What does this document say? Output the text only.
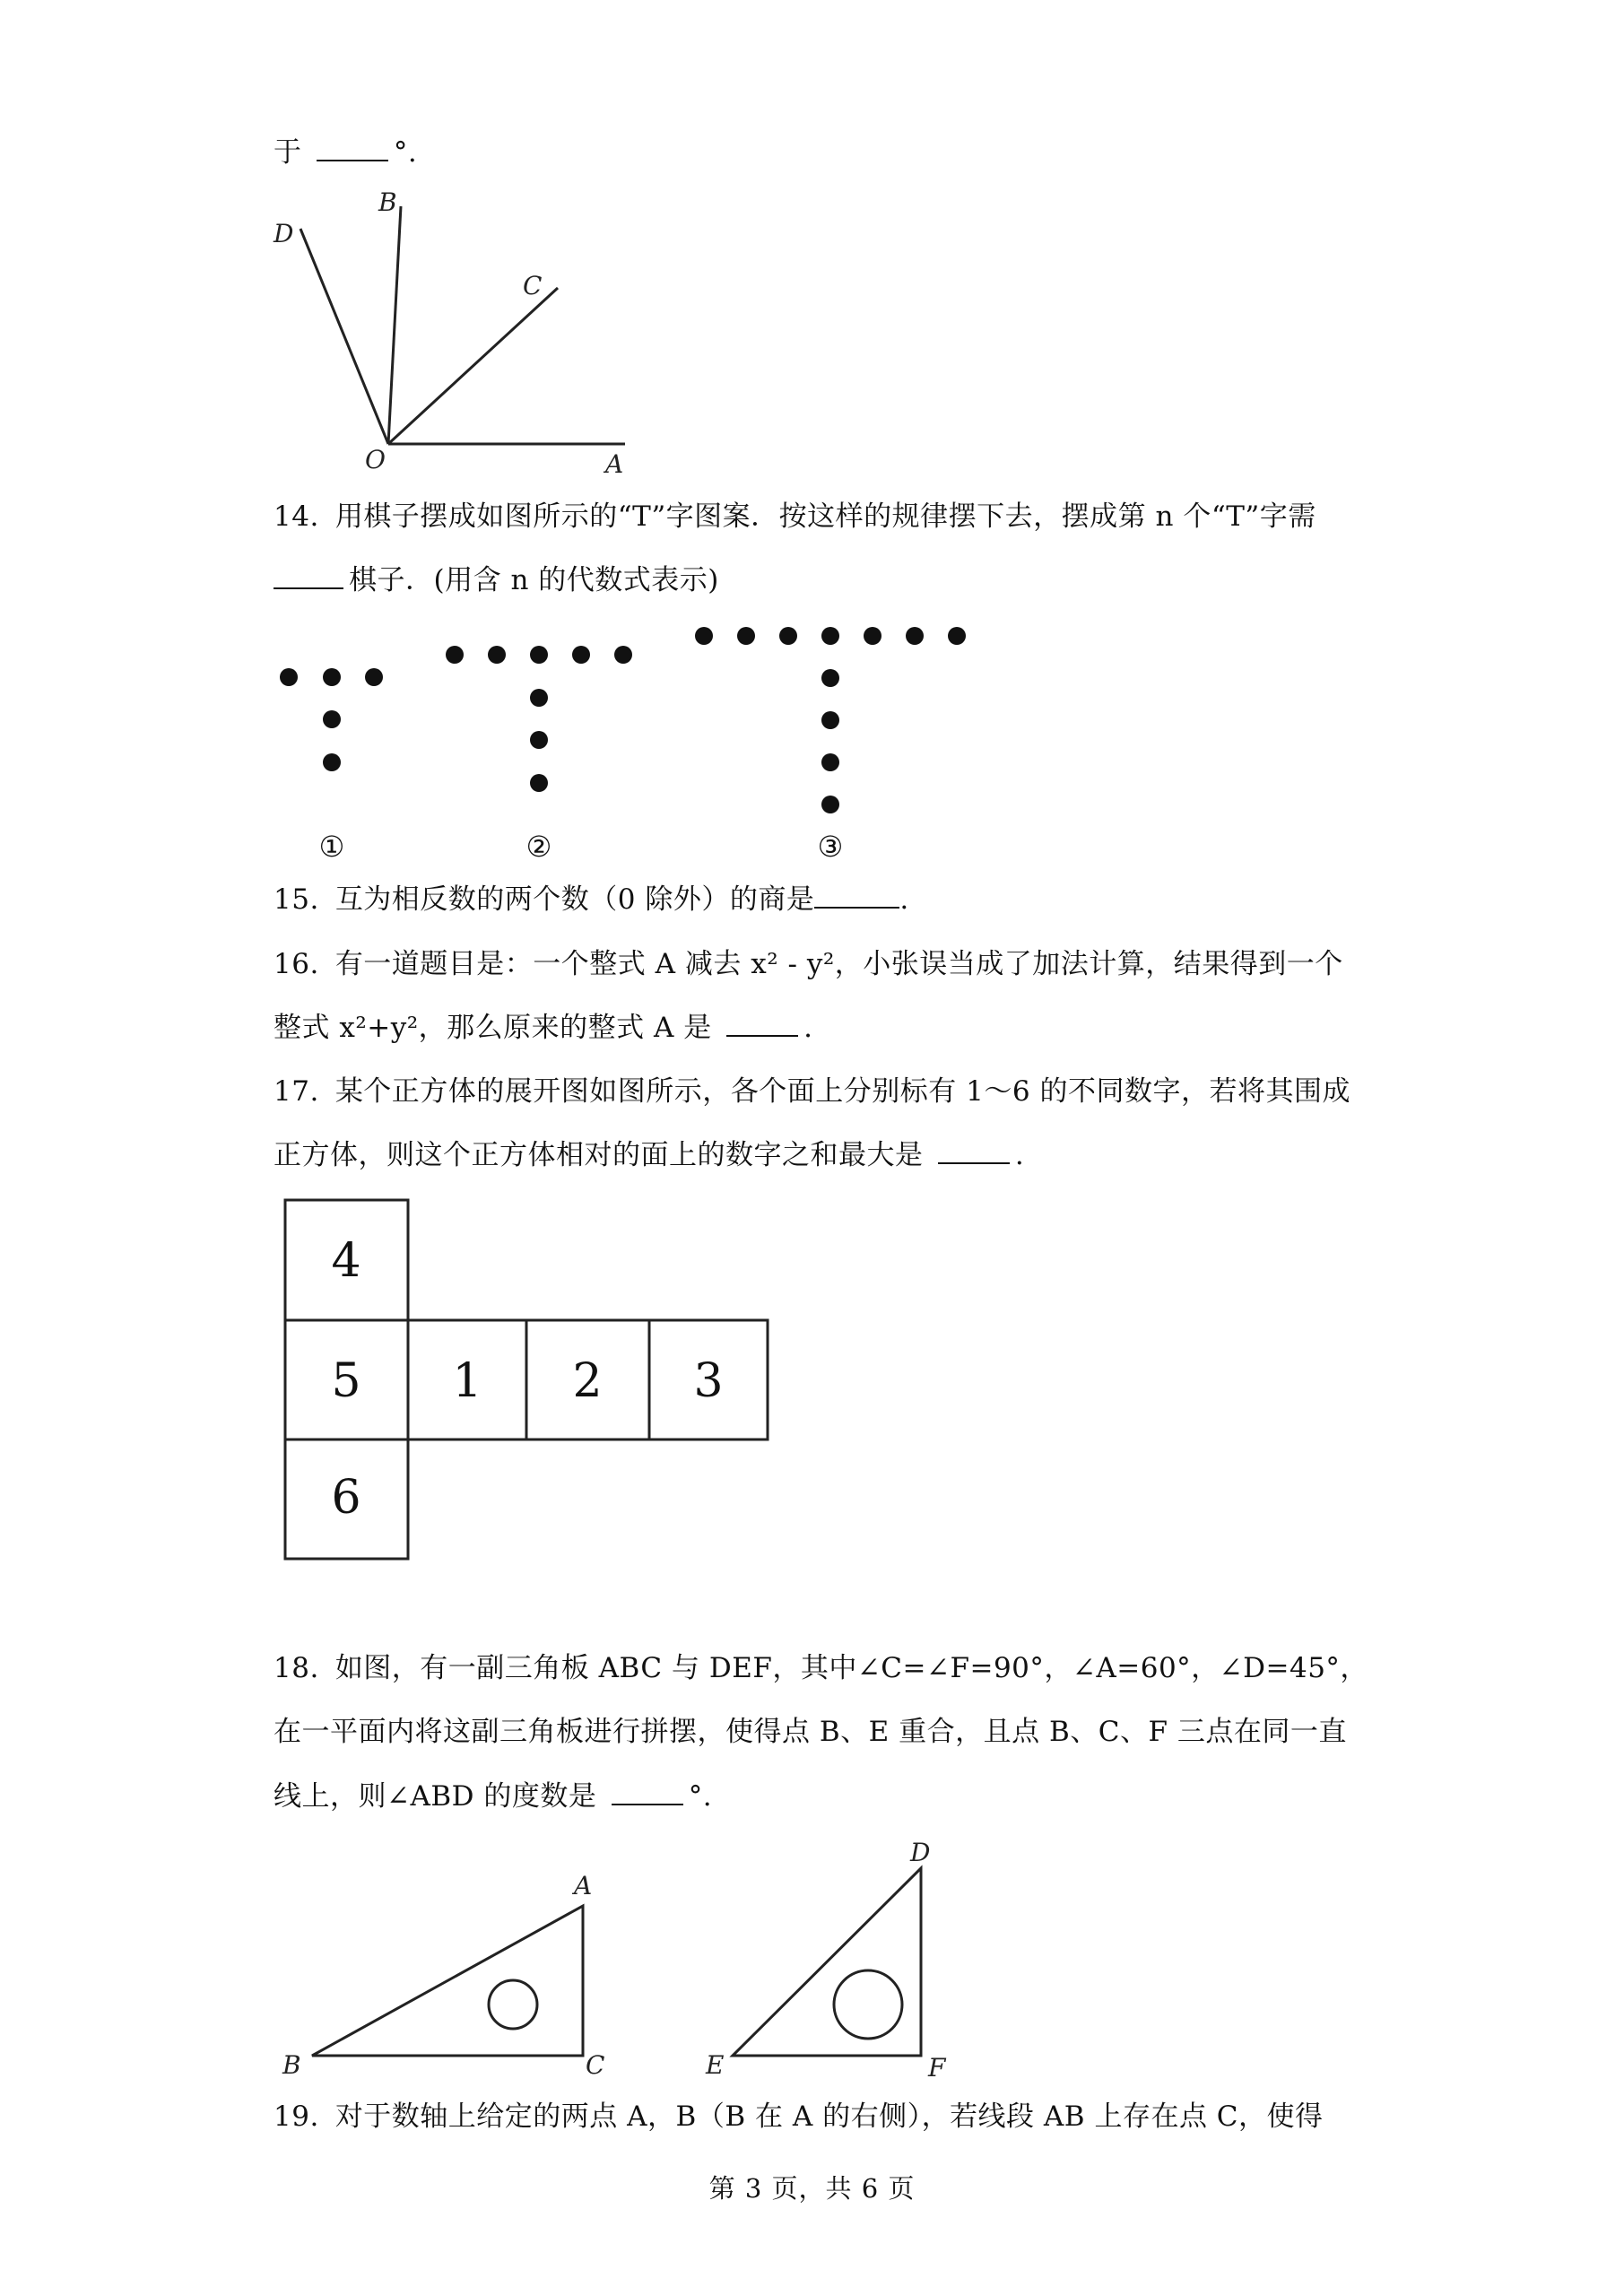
于	°.
D
B
C
O	A
14. 用棋子摆成如图所示的“T”字图案．按这样的规律摆下去，摆成第 n 个“T”字需
棋子．(用含 n 的代数式表示)
①	②	③
15. 互为相反数的两个数（0 除外）的商是	.
16. 有一道题目是：一个整式 A 减去 x² - y²，小张误当成了加法计算，结果得到一个
整式 x²+y²，那么原来的整式 A 是	.
17. 某个正方体的展开图如图所示，各个面上分别标有 1～6 的不同数字，若将其围成
正方体，则这个正方体相对的面上的数字之和最大是	.
4
5 1 2 3
6
18. 如图，有一副三角板 ABC 与 DEF，其中∠C=∠F=90°，∠A=60°，∠D=45°，
在一平面内将这副三角板进行拼摆，使得点 B、E 重合，且点 B、C、F 三点在同一直
线上，则∠ABD 的度数是	°.
A
B	C
D
E	F
19. 对于数轴上给定的两点 A，B（B 在 A 的右侧），若线段 AB 上存在点 C，使得
第 3 页，共 6 页
